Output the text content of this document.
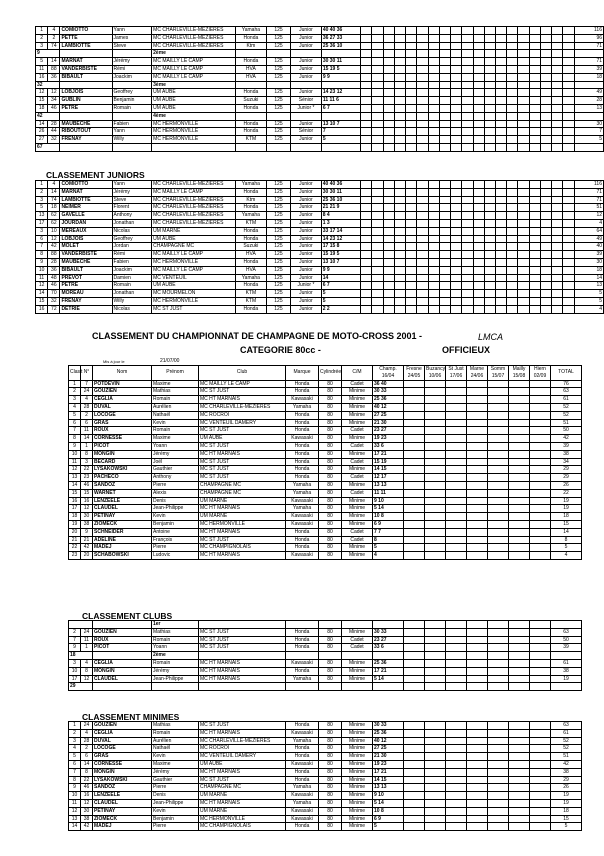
1	4	COMIOTTO	Yann	MC CHARLEVILLE-MEZIERES	Yamaha	125	Junior	40 40 36																				116
2	2	PETTE	James	MC CHARLEVILLE-MEZIERES	Honda	125	Junior	36 27 33																				96
3	74	LAMBIOTTE	Steve	MC CHARLEVILLE-MEZIERES	Ktm	125	Junior	25 36 10																				71
9				2ème																								
5	14	MARNAT	Jérémy	MC MAILLY LE CAMP	Honda	125	Junior	30 30 11																				71
11	88	VANDERBISTE	Rémi	MC MAILLY LE CAMP	HVA	125	Junior	15 19 5																				39
16	36	BIBAULT	Joackim	MC MAILLY LE CAMP	HVA	125	Junior	9 9																				18
32				3ème																								
12	12	LOBJOIS	Geoffrey	UM AUBE	Honda	125	Junior	14 23 12																				49
15	34	GUBLIN	Benjamin	UM AUBE	Suzuki	125	Sénior	11 11 6																				28
18	46	PETRE	Romain	UM AUBE	Honda	125	Junior *	6 7																				13
42				4ème																								
14	28	MAUBECHE	Fabien	MC HERMONVILLE	Honda	125	Junior	13 10 7																				30
26	44	RIBOUTOUT	Yann	MC HERMONVILLE	Honda	125	Sénior	7																				7
27	32	FRENAY	Willy	MC HERMONVILLE	KTM	125	Junior	5																				5
67																												
CLASSEMENT JUNIORS
1	4	COMIOTTO	Yann	MC CHARLEVILLE-MEZIERES	Yamaha	125	Junior	40 40 36																				116
2	14	MARNAT	Jérémy	MC MAILLY LE CAMP	Honda	125	Junior	30 30 11																				71
3	74	LAMBIOTTE	Steve	MC CHARLEVILLE-MEZIERES	Ktm	125	Junior	25 36 10																				71
5	18	NEIMER	Florent	MC CHARLEVILLE-MEZIERES	Honda	125	Junior	21 21 9																				51
13	62	GAVELLE	Anthony	MC CHARLEVILLE-MEZIERES	Yamaha	125	Junior	8 4																				12
17	62	JOURDAN	Jonathan	MC CHARLEVILLE-MEZIERES	KTM	125	Junior	1 3																				4
3	10	MEREAUX	Nicolas	UM MARNE	Honda	125	Junior	33 17 14																				64
6	12	LOBJOIS	Geoffrey	UM AUBE	Honda	125	Junior	14 23 12																				49
7	42	MOLET	Jordan	CHAMPAGNE MC	Suzuki	125	Junior	17 15 8																				40
8	88	VANDERBISTE	Rémi	MC MAILLY LE CAMP	HVA	125	Junior	15 19 5																				39
9	28	MAUBECHE	Fabien	MC HERMONVILLE	Honda	125	Junior	13 10 7																				30
10	36	BIBAULT	Joackim	MC MAILLY LE CAMP	HVA	125	Junior	9 9																				18
11	48	PREVOT	Damien	MC VENTEUIL	Yamaha	125	Junior	14																				14
12	46	PETRE	Romain	UM AUBE	Honda	125	Junior *	6 7																				13
14	70	MOREAU	Jonathan	MC MOURMELON	KTM	125	Junior	5																				5
15	32	FRENAY	Willy	MC HERMONVILLE	KTM	125	Junior	5																				5
16	72	DETRIE	Nicolas	MC ST JUST	Honda	125	Junior	2 2																				4
CLASSEMENT DU CHAMPIONNAT DE CHAMPAGNE DE MOTO-CROSS 2001 -	LMCA
CATEGORIE 80cc -	OFFICIEUX
Mis à jour le	21/07/00
Clas't	N°	Nom	Prénom	Club	Marque	Cylindrée	C/M	Champ. 16/04	Fresne 24/05	Buzancy 10/06	St Just 17/06	Marne 24/06	Somm 15/07	Mailly 15/08	Hiern 02/09	TOTAL
1	7	POTDEVIN	Maxime	MC MAILLY LE CAMP	Honda	80	Cadet	36 40								76
2	24	GOUZIEN	Mathias	MC ST JUST	Honda	80	Minime	30 33								63
3	4	CEGLIA	Romain	MC HT MARNAIS	Kawasaki	80	Minime	25 36								61
4	28	DUVAL	Aurélien	MC CHARLEVILLE-MEZIERES	Yamaha	80	Minime	40 12								52
5	2	LOCOGE	Nathaël	MC ROCROI	Honda	80	Minime	27 25								52
6	6	GRAS	Kevin	MC VENTEUIL DAMERY	Honda	80	Minime	21 30								51
7	11	ROUX	Romain	MC ST JUST	Honda	80	Cadet	23 27								50
8	14	CORNESSE	Maxime	UM AUBE	Kawasaki	80	Minime	19 23								42
9	1	PICOT	Yoann	MC ST JUST	Honda	80	Cadet	33 6								39
10	8	MONGIN	Jérémy	MC HT MARNAIS	Honda	80	Minime	17 21								38
11	3	BECARD	Joël	MC ST JUST	Honda	80	Cadet	15 19								34
12	22	LYSAKOWSKI	Gauthier	MC ST JUST	Honda	80	Minime	14 15								29
13	23	PACHECO	Anthony	MC ST JUST	Honda	80	Cadet	12 17								29
14	46	SANDOZ	Pierre	CHAMPAGNE MC	Yamaha	80	Minime	13 13								26
15	15	WARNET	Alexis	CHAMPAGNE MC	Yamaha	80	Cadet	11 11								22
16	16	LENZEELE	Denis	UM MARNE	Kawasaki	80	Minime	9 10								19
17	12	CLAUDEL	Jean-Philippe	MC HT MARNAIS	Yamaha	80	Minime	5 14								19
18	30	PETINAY	Kevin	UM MARNE	Kawasaki	80	Minime	10 8								18
19	38	ZIOMECK	Benjamin	MC HERMONVILLE	Kawasaki	80	Minime	6 9								15
20	9	SCHNEIDER	Antoine	MC HT MARNAIS	Honda	80	Cadet	7 7								14
21	21	ADELINE	François	MC ST JUST	Honda	80	Cadet	8								8
22	42	MADEJ	Pierre	MC CHAMPIGNOLAIS	Honda	80	Minime	5								5
23	20	SCHABOWSKI	Ludovic	MC HT MARNAIS	Kawasaki	80	Minime	4								4
CLASSEMENT CLUBS
			1er													
2	24	GOUZIEN	Mathias	MC ST JUST	Honda	80	Minime	30 33								63
7	11	ROUX	Romain	MC ST JUST	Honda	80	Cadet	23 27								50
9	1	PICOT	Yoann	MC ST JUST	Honda	80	Cadet	33 6								39
18			2ème													
3	4	CEGLIA	Romain	MC HT MARNAIS	Kawasaki	80	Minime	25 36								61
10	8	MONGIN	Jérémy	MC HT MARNAIS	Honda	80	Minime	17 21								38
17	12	CLAUDEL	Jean-Philippe	MC HT MARNAIS	Yamaha	80	Minime	5 14								19
29																
CLASSEMENT MINIMES
1	24	GOUZIEN	Mathias	MC ST JUST	Honda	80	Minime	30 33								63
2	4	CEGLIA	Romain	MC HT MARNAIS	Kawasaki	80	Minime	25 36								61
3	28	DUVAL	Aurélien	MC CHARLEVILLE-MEZIERES	Yamaha	80	Minime	40 12								52
4	2	LOCOGE	Nathaël	MC ROCROI	Honda	80	Minime	27 25								52
5	6	GRAS	Kevin	MC VENTEUIL DAMERY	Honda	80	Minime	21 30								51
6	14	CORNESSE	Maxime	UM AUBE	Kawasaki	80	Minime	19 23								42
7	8	MONGIN	Jérémy	MC HT MARNAIS	Honda	80	Minime	17 21								38
8	22	LYSAKOWSKI	Gauthier	MC ST JUST	Honda	80	Minime	14 15								29
9	46	SANDOZ	Pierre	CHAMPAGNE MC	Yamaha	80	Minime	13 13								26
10	16	LENZEELE	Denis	UM MARNE	Kawasaki	80	Minime	9 10								19
11	12	CLAUDEL	Jean-Philippe	MC HT MARNAIS	Yamaha	80	Minime	5 14								19
12	30	PETINAY	Kevin	UM MARNE	Kawasaki	80	Minime	10 8								18
13	38	ZIOMECK	Benjamin	MC HERMONVILLE	Kawasaki	80	Minime	6 9								15
14	42	MADEJ	Pierre	MC CHAMPIGNOLAIS	Honda	80	Minime	5								5
